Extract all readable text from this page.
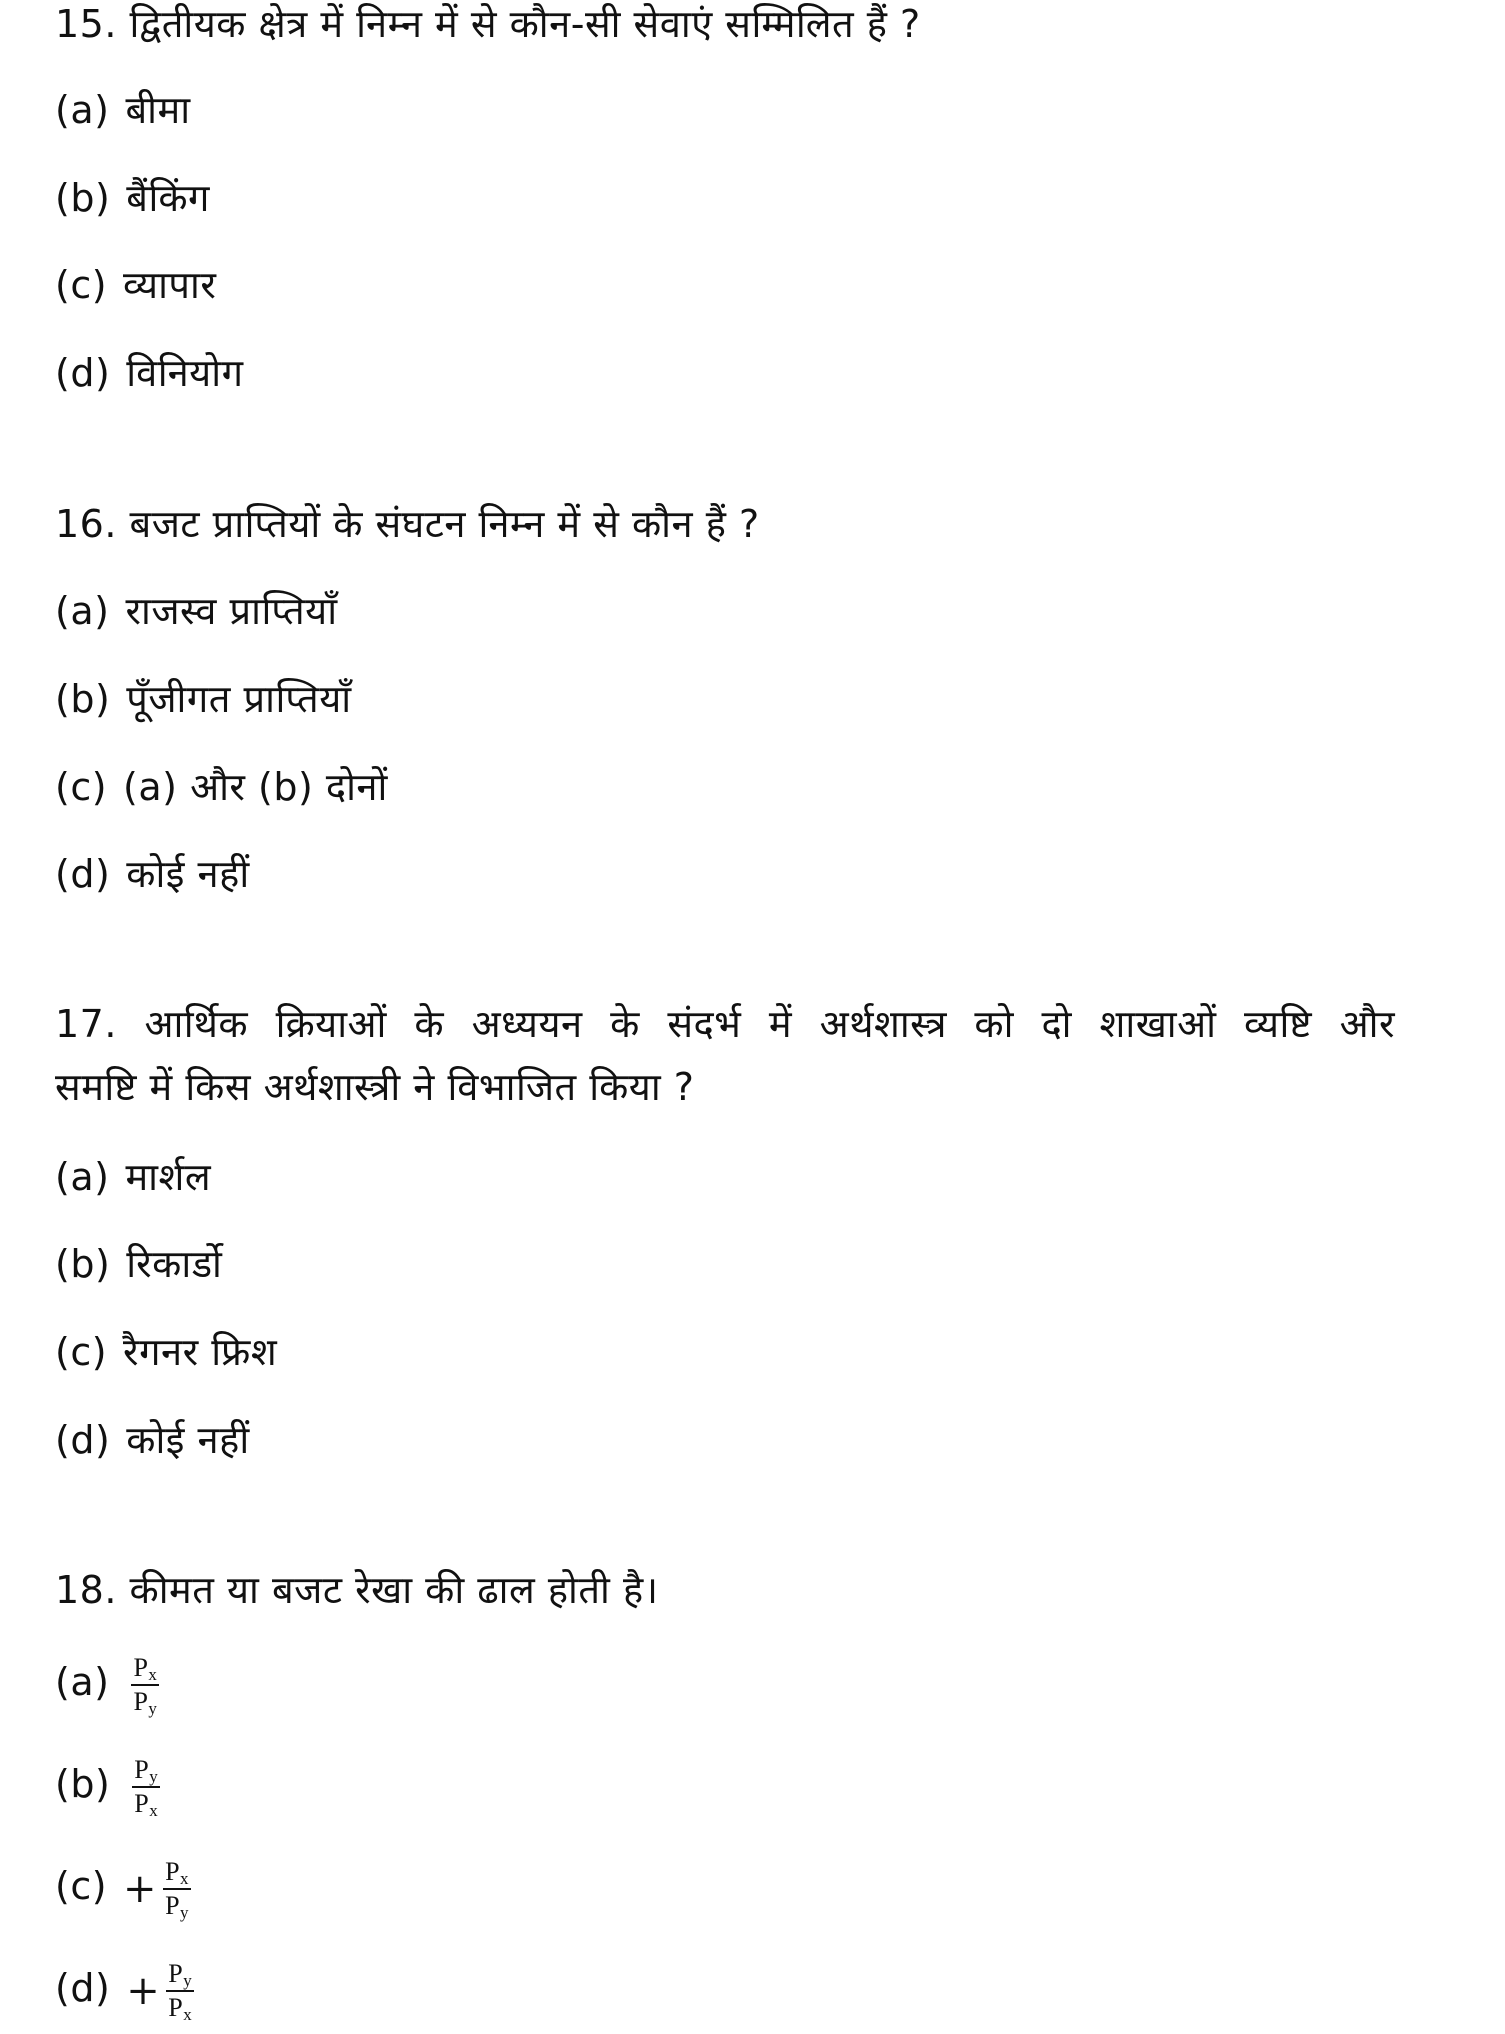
15. द्वितीयक क्षेत्र में निम्न में से कौन-सी सेवाएं सम्मिलित हैं ?
(a) बीमा
(b) बैंकिंग
(c) व्यापार
(d) विनियोग
16. बजट प्राप्तियों के संघटन निम्न में से कौन हैं ?
(a) राजस्व प्राप्तियाँ
(b) पूँजीगत प्राप्तियाँ
(c) (a) और (b) दोनों
(d) कोई नहीं
17. आर्थिक क्रियाओं के अध्ययन के संदर्भ में अर्थशास्त्र को दो शाखाओं व्यष्टि और
समष्टि में किस अर्थशास्त्री ने विभाजित किया ?
(a) मार्शल
(b) रिकार्डो
(c) रैगनर फ्रिश
(d) कोई नहीं
18. कीमत या बजट रेखा की ढाल होती है।
$(a) \frac{P_x}{P_y}$
$(b) \frac{P_y}{P_x}$
$(c) + \frac{P_x}{P_y}$
$(d) + \frac{P_y}{P_x}$
